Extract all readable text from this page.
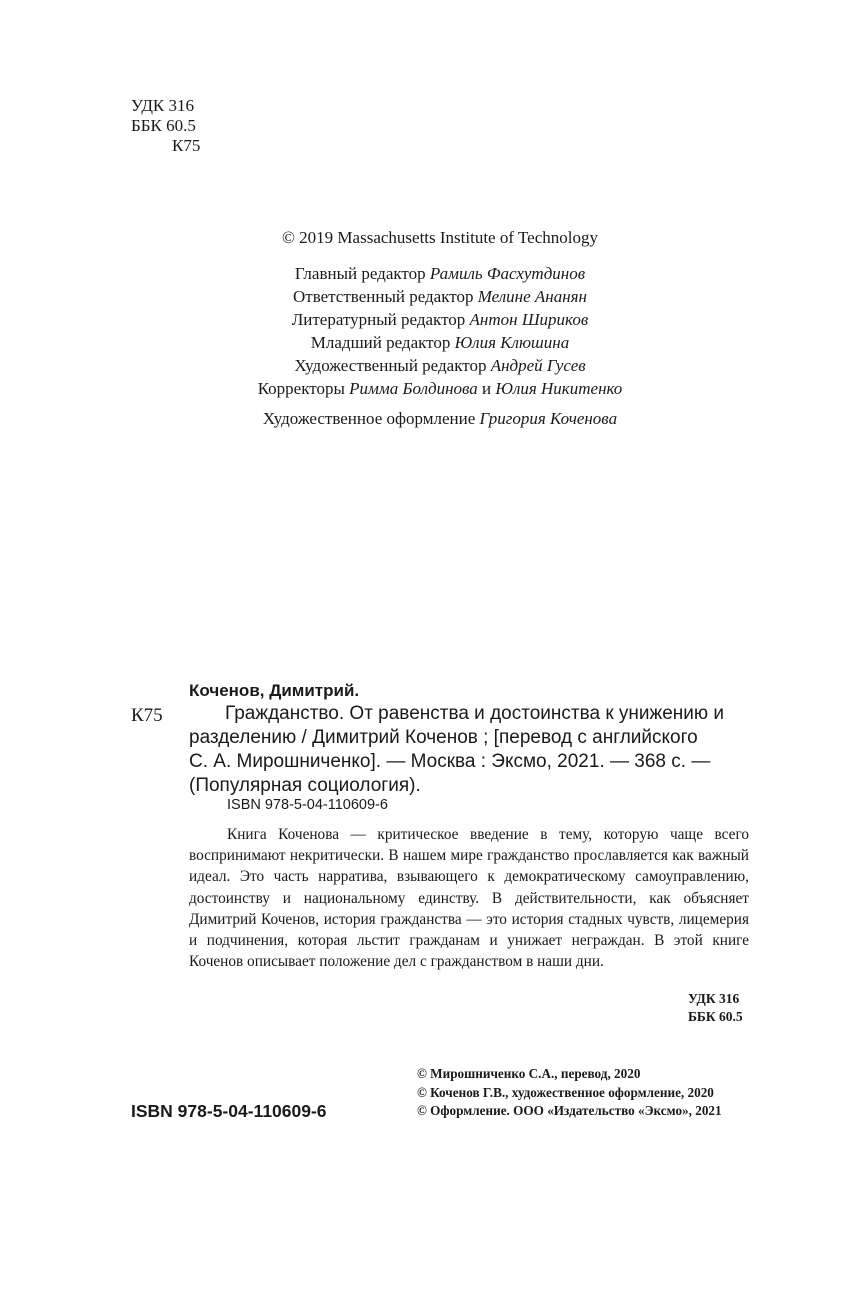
УДК 316
ББК 60.5
К75
© 2019 Massachusetts Institute of Technology
Главный редактор Рамиль Фасхутдинов
Ответственный редактор Мелине Ананян
Литературный редактор Антон Шириков
Младший редактор Юлия Клюшина
Художественный редактор Андрей Гусев
Корректоры Римма Болдинова и Юлия Никитенко
Художественное оформление Григория Коченова
Коченов, Димитрий.
К75	Гражданство. От равенства и достоинства к унижению и
разделению / Димитрий Коченов ; [перевод с английского
С. А. Мирошниченко]. — Москва : Эксмо, 2021. — 368 с. —
(Популярная социология).
ISBN 978-5-04-110609-6
Книга Коченова — критическое введение в тему, которую чаще всего воспринимают некритически. В нашем мире гражданство прославляется как важный идеал. Это часть нарратива, взывающего к демократическому самоуправлению, достоинству и национальному единству. В действительности, как объясняет Димитрий Коченов, история гражданства — это история стадных чувств, лицемерия и подчинения, которая льстит гражданам и унижает неграждан. В этой книге Коченов описывает положение дел с гражданством в наши дни.
УДК 316
ББК 60.5
© Мирошниченко С.А., перевод, 2020
© Коченов Г.В., художественное оформление, 2020
© Оформление. ООО «Издательство «Эксмо», 2021
ISBN 978-5-04-110609-6
